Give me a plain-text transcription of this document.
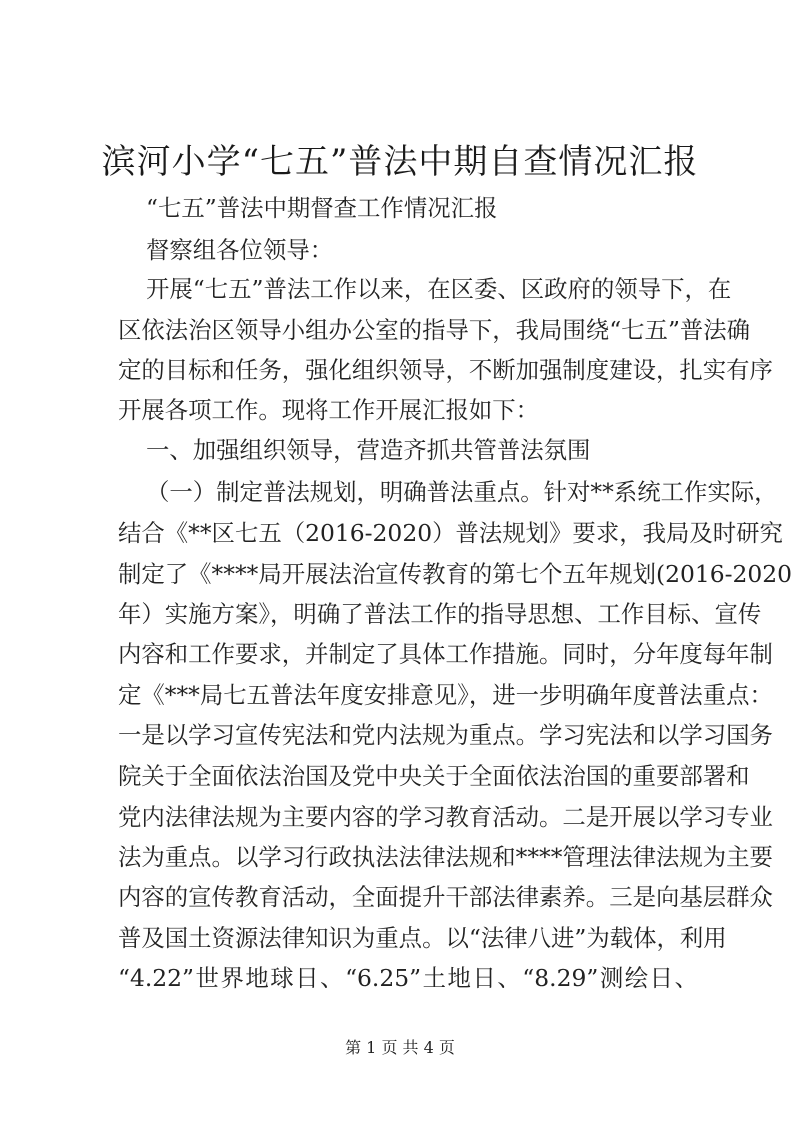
滨河小学“七五”普法中期自查情况汇报
“七五”普法中期督查工作情况汇报
督察组各位领导：
开展“七五”普法工作以来，在区委、区政府的领导下，在
区依法治区领导小组办公室的指导下，我局围绕“七五”普法确
定的目标和任务，强化组织领导，不断加强制度建设，扎实有序
开展各项工作。现将工作开展汇报如下：
一、加强组织领导，营造齐抓共管普法氛围
（一）制定普法规划，明确普法重点。针对**系统工作实际，
结合《**区七五（2016-2020）普法规划》要求，我局及时研究
制定了《****局开展法治宣传教育的第七个五年规划(2016-2020
年）实施方案》，明确了普法工作的指导思想、工作目标、宣传
内容和工作要求，并制定了具体工作措施。同时，分年度每年制
定《***局七五普法年度安排意见》，进一步明确年度普法重点：
一是以学习宣传宪法和党内法规为重点。学习宪法和以学习国务
院关于全面依法治国及党中央关于全面依法治国的重要部署和
党内法律法规为主要内容的学习教育活动。二是开展以学习专业
法为重点。以学习行政执法法律法规和****管理法律法规为主要
内容的宣传教育活动，全面提升干部法律素养。三是向基层群众
普及国土资源法律知识为重点。以“法律八进”为载体，利用
“4.22”世界地球日、“6.25”土地日、“8.29”测绘日、
第 1 页 共 4 页
